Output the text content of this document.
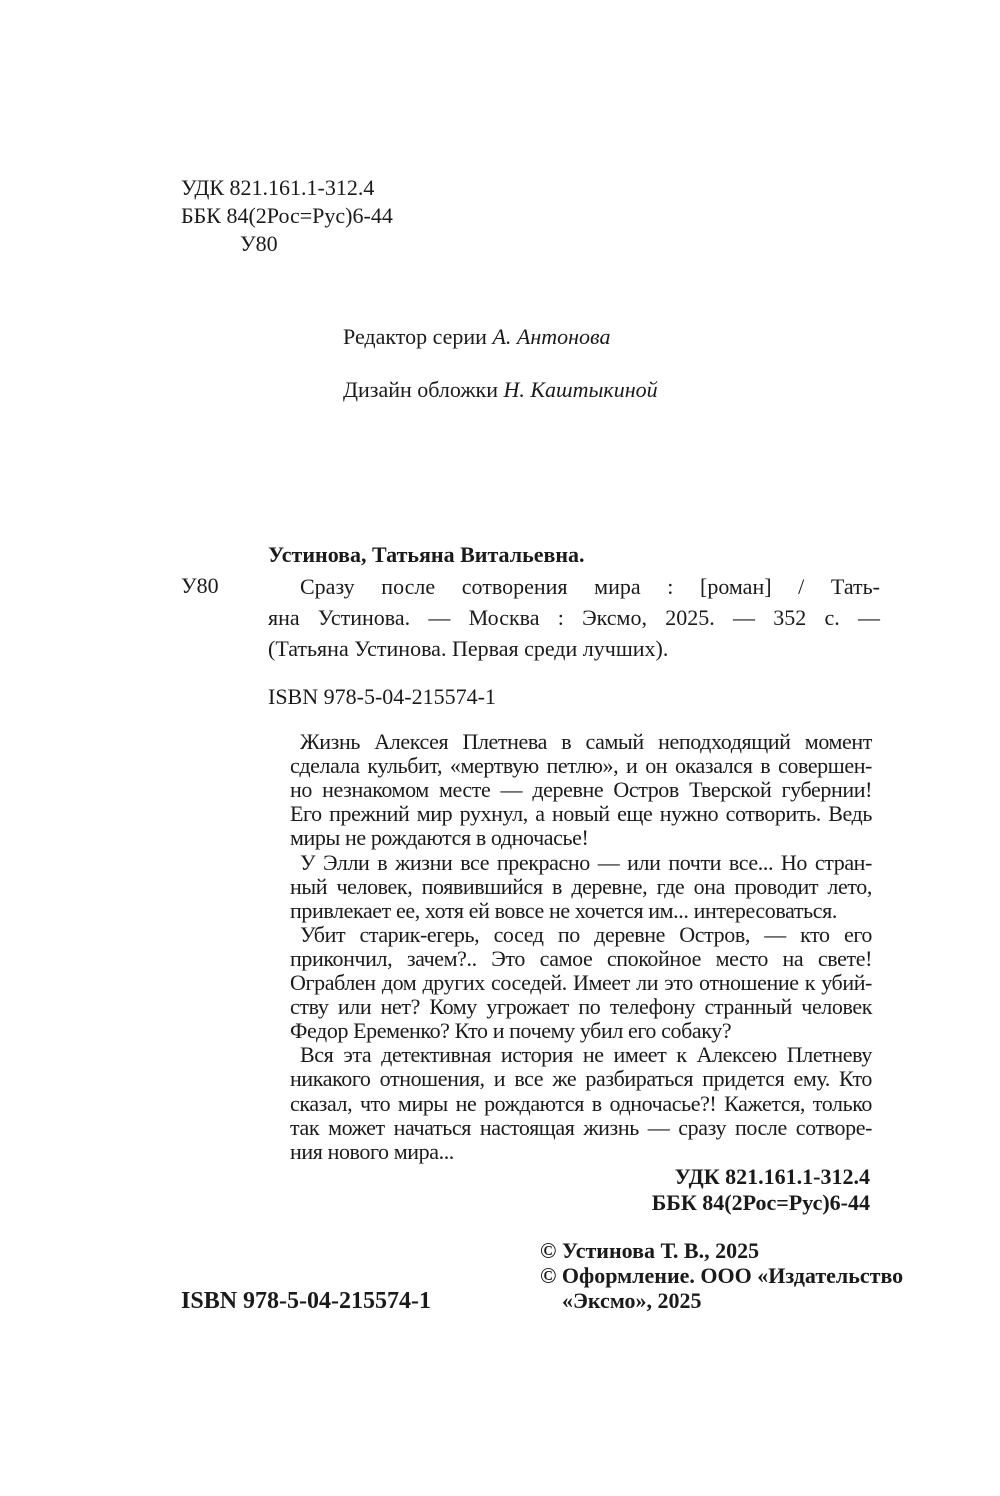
УДК 821.161.1-312.4
ББК 84(2Рос=Рус)6-44
У80
Редактор серии А. Антонова
Дизайн обложки Н. Каштыкиной
Устинова, Татьяна Витальевна.
У80	Сразу после сотворения мира : [роман] / Тать-
яна Устинова. — Москва : Эксмо, 2025. — 352 с. —
(Татьяна Устинова. Первая среди лучших).
ISBN 978-5-04-215574-1
Жизнь Алексея Плетнева в самый неподходящий момент
сделала кульбит, «мертвую петлю», и он оказался в совершен-
но незнакомом месте — деревне Остров Тверской губернии!
Его прежний мир рухнул, а новый еще нужно сотворить. Ведь
миры не рождаются в одночасье!
У Элли в жизни все прекрасно — или почти все... Но стран-
ный человек, появившийся в деревне, где она проводит лето,
привлекает ее, хотя ей вовсе не хочется им... интересоваться.
Убит старик-егерь, сосед по деревне Остров, — кто его
прикончил, зачем?.. Это самое спокойное место на свете!
Ограблен дом других соседей. Имеет ли это отношение к убий-
ству или нет? Кому угрожает по телефону странный человек
Федор Еременко? Кто и почему убил его собаку?
Вся эта детективная история не имеет к Алексею Плетневу
никакого отношения, и все же разбираться придется ему. Кто
сказал, что миры не рождаются в одночасье?! Кажется, только
так может начаться настоящая жизнь — сразу после сотворе-
ния нового мира...
УДК 821.161.1-312.4
ББК 84(2Рос=Рус)6-44
© Устинова Т. В., 2025
© Оформление. ООО «Издательство
«Эксмо», 2025
ISBN 978-5-04-215574-1
